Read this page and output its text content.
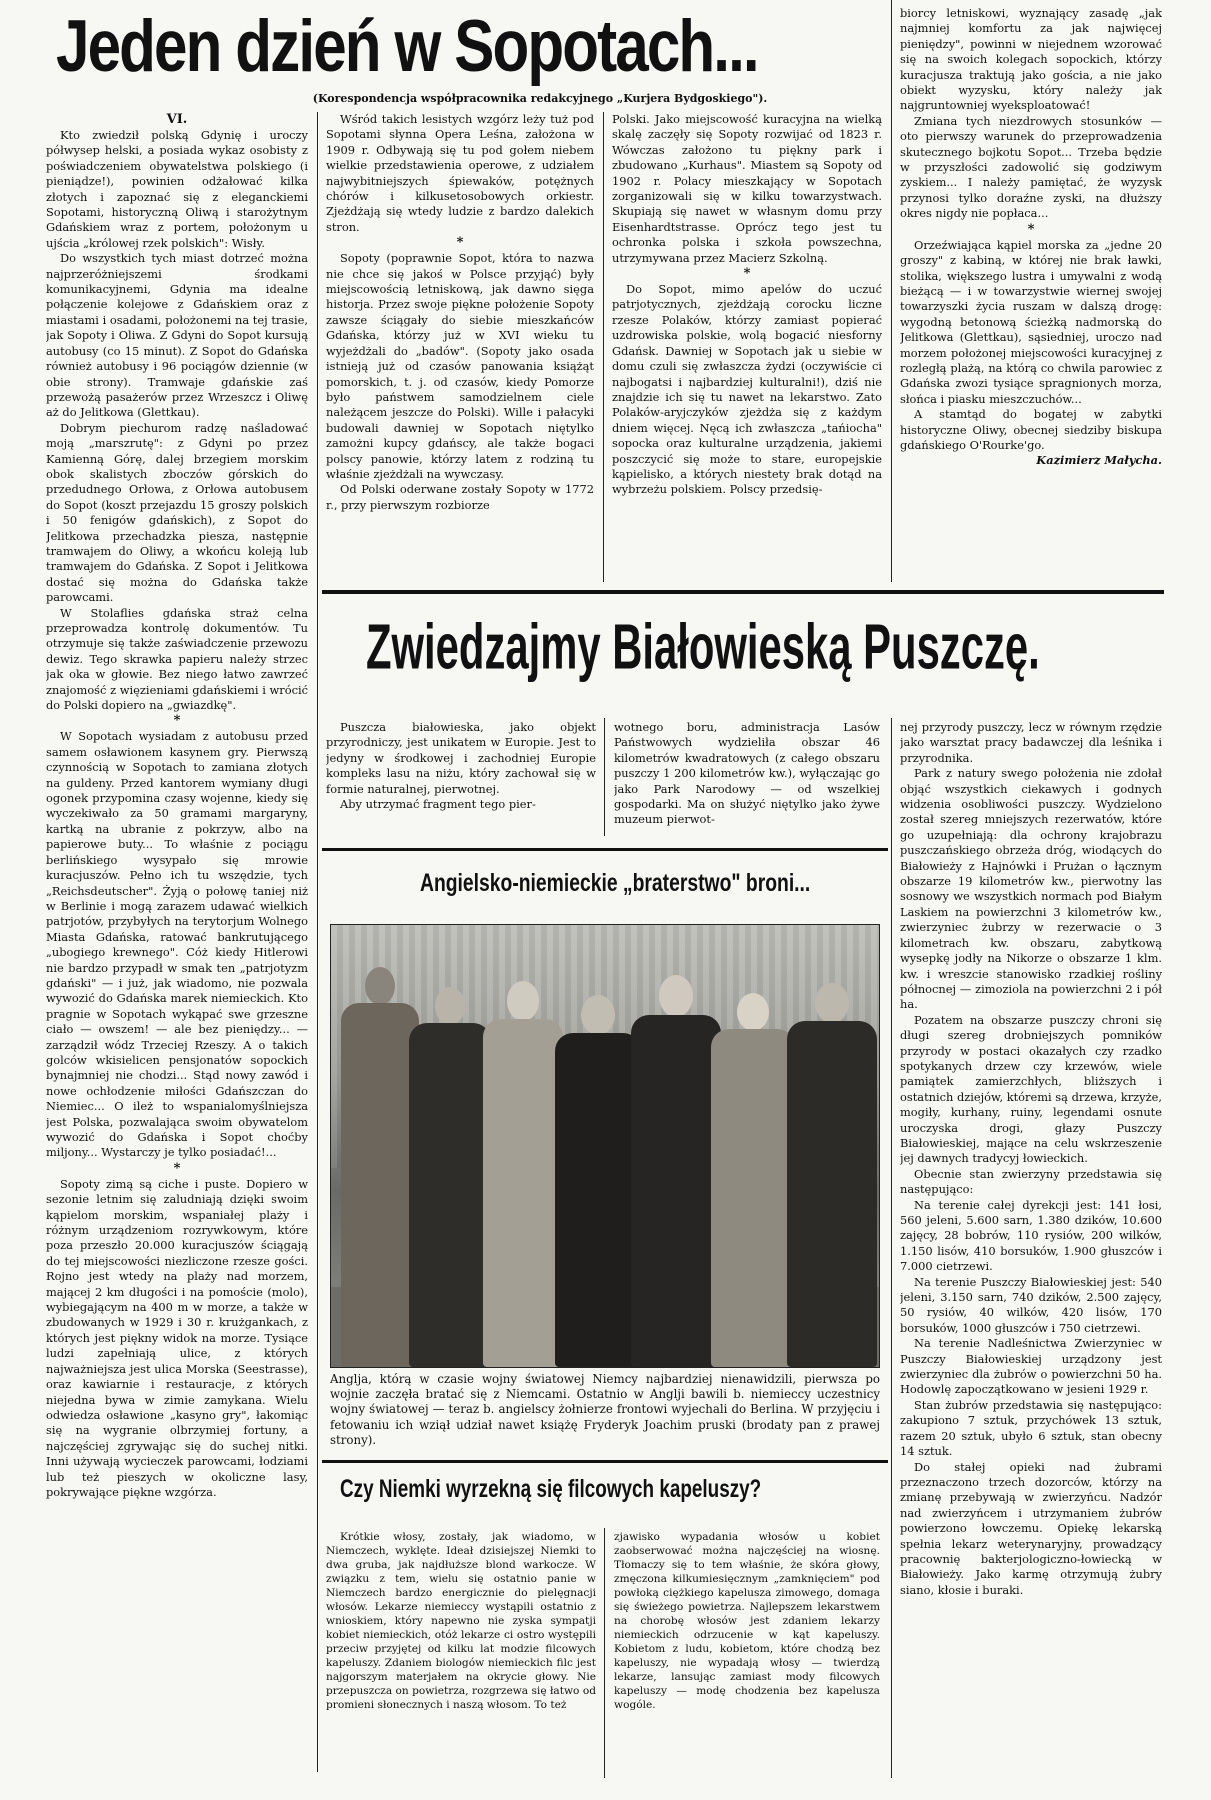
Jeden dzień w Sopotach...
(Korespondencja współpracownika redakcyjnego „Kurjera Bydgoskiego").
VI.

Kto zwiedził polską Gdynię i uroczy półwysep helski, a posiada wykaz osobisty z poświadczeniem obywatelstwa polskiego (i pieniądze!), powinien odżałować kilka złotych i zapoznać się z eleganckiemi Sopotami, historyczną Oliwą i starożytnym Gdańskiem wraz z portem, położonym u ujścia „królowej rzek polskich": Wisły.

Do wszystkich tych miast dotrzeć można najprzeróżniejszemi środkami komunikacyjnemi, Gdynia ma idealne połączenie kolejowe z Gdańskiem oraz z miastami i osadami, położonemi na tej trasie, jak Sopoty i Oliwa. Z Gdyni do Sopot kursują autobusy (co 15 minut). Z Sopot do Gdańska również autobusy i 96 pociągów dziennie (w obie strony). Tramwaje gdańskie zaś przewożą pasażerów przez Wrzeszcz i Oliwę aż do Jelitkowa (Glettkau).

Dobrym piechurom radzę naśladować moją „marszrutę": z Gdyni po przez Kamienną Górę, dalej brzegiem morskim obok skalistych zboczów górskich do przedudnego Orłowa, z Orłowa autobusem do Sopot (koszt przejazdu 15 groszy polskich i 50 fenigów gdańskich), z Sopot do Jelitkowa przechadzka piesza, następnie tramwajem do Oliwy, a wkońcu koleją lub tramwajem do Gdańska. Z Sopot i Jelitkowa dostać się można do Gdańska także parowcami.

W Stolaflies gdańska straż celna przeprowadza kontrolę dokumentów. Tu otrzymuje się także zaświadczenie przewozu dewiz. Tego skrawka papieru należy strzec jak oka w głowie. Bez niego łatwo zawrzeć znajomość z więzieniami gdańskiemi i wrócić do Polski dopiero na „gwiazdkę".

*

W Sopotach wysiadam z autobusu przed samem osławionem kasynem gry. Pierwszą czynnością w Sopotach to zamiana złotych na guldeny. Przed kantorem wymiany długi ogonek przypomina czasy wojenne, kiedy się wyczekiwało za 50 gramami margaryny, kartką na ubranie z pokrzyw, albo na papierowe buty... To właśnie z pociągu berlińskiego wysypało się mrowie kuracjuszów. Pełno ich tu wszędzie, tych „Reichsdeutscher". Żyją o połowę taniej niż w Berlinie i mogą zarazem udawać wielkich patrjotów, przybyłych na terytorjum Wolnego Miasta Gdańska, ratować bankrutującego „ubogiego krewnego". Cóż kiedy Hitlerowi nie bardzo przypadł w smak ten „patrjotyzm gdański" — i już, jak wiadomo, nie pozwala wywozić do Gdańska marek niemieckich. Kto pragnie w Sopotach wykąpać swe grzeszne ciało — owszem! — ale bez pieniędzy... — zarządził wódz Trzeciej Rzeszy. A o takich golców wkisielicen pensjonatów sopockich bynajmniej nie chodzi... Stąd nowy zawód i nowe ochłodzenie miłości Gdańszczan do Niemiec... O ileż to wspanialomyślniejsza jest Polska, pozwalająca swoim obywatelom wywozić do Gdańska i Sopot choćby miljony... Wystarczy je tylko posiadać!...

*

Sopoty zimą są ciche i puste. Dopiero w sezonie letnim się zaludniają dzięki swoim kąpielom morskim, wspaniałej plaży i różnym urządzeniom rozrywkowym, które poza przeszło 20.000 kuracjuszów ściągają do tej miejscowości niezliczone rzesze gości. Rojno jest wtedy na plaży nad morzem, mającej 2 km długości i na pomoście (molo), wybiegającym na 400 m w morze, a także w zbudowanych w 1929 i 30 r. krużgankach, z których jest piękny widok na morze. Tysiące ludzi zapełniają ulice, z których najważniejsza jest ulica Morska (Seestrasse), oraz kawiarnie i restauracje, z których niejedna bywa w zimie zamykana. Wielu odwiedza osławione „kasyno gry", łakomiąc się na wygranie olbrzymiej fortuny, a najczęściej zgrywając się do suchej nitki. Inni używają wycieczek parowcami, łodziami lub też pieszych w okoliczne lasy, pokrywające piękne wzgórza.

Wśród takich lesistych wzgórz leży tuż pod Sopotami słynna Opera Leśna, założona w 1909 r. Odbywają się tu pod gołem niebem wielkie przedstawienia operowe, z udziałem najwybitniejszych śpiewaków, potężnych chórów i kilkusetosobowych orkiestr. Zjeżdżają się wtedy ludzie z bardzo dalekich stron.

*

Sopoty (poprawnie Sopot, która to nazwa nie chce się jakoś w Polsce przyjąć) były miejscowością letniskową, jak dawno sięga historja. Przez swoje piękne położenie Sopoty zawsze ściągały do siebie mieszkańców Gdańska, którzy już w XVI wieku tu wyjeżdżali do „badów". (Sopoty jako osada istnieją już od czasów panowania książąt pomorskich, t. j. od czasów, kiedy Pomorze było państwem samodzielnem ciele należącem jeszcze do Polski). Wille i pałacyki budowali dawniej w Sopotach niętylko zamożni kupcy gdańscy, ale także bogaci polscy panowie, którzy latem z rodziną tu właśnie zjeżdżali na wywczasy.

Od Polski oderwane zostały Sopoty w 1772 r., przy pierwszym rozbiorze

Polski. Jako miejscowość kuracyjna na wielką skalę zaczęły się Sopoty rozwijać od 1823 r. Wówczas założono tu piękny park i zbudowano „Kurhaus". Miastem są Sopoty od 1902 r. Polacy mieszkający w Sopotach zorganizowali się w kilku towarzystwach. Skupiają się nawet w własnym domu przy Eisenhardtstrasse. Oprócz tego jest tu ochronka polska i szkoła powszechna, utrzymywana przez Macierz Szkolną.

*

Do Sopot, mimo apelów do uczuć patrjotycznych, zjeżdżają corocku liczne rzesze Polaków, którzy zamiast popierać uzdrowiska polskie, wolą bogacić niesforny Gdańsk. Dawniej w Sopotach jak u siebie w domu czuli się zwłaszcza żydzi (oczywiście ci najbogatsi i najbardziej kulturalni!), dziś nie znajdzie ich się tu nawet na lekarstwo. Zato Polaków-aryjczyków zjeżdża się z każdym dniem więcej. Nęcą ich zwłaszcza „tańiocha" sopocka oraz kulturalne urządzenia, jakiemi poszczycić się może to stare, europejskie kąpielisko, a których niestety brak dotąd na wybrzeżu polskiem. Polscy przedsię-

biorcy letniskowi, wyznający zasadę „jak najmniej komfortu za jak najwięcej pieniędzy", powinni w niejednem wzorować się na swoich kolegach sopockich, którzy kuracjusza traktują jako gościa, a nie jako obiekt wyzysku, który należy jak najgruntowniej wyeksploatować!

Zmiana tych niezdrowych stosunków — oto pierwszy warunek do przeprowadzenia skutecznego bojkotu Sopot... Trzeba będzie w przyszłości zadowolić się godziwym zyskiem... I należy pamiętać, że wyzysk przynosi tylko doraźne zyski, na dłuższy okres nigdy nie popłaca...

*

Orzeźwiająca kąpiel morska za „jedne 20 groszy" z kabiną, w której nie brak ławki, stolika, większego lustra i umywalni z wodą bieżącą — i w towarzystwie wiernej swojej towarzyszki życia ruszam w dalszą drogę: wygodną betonową ścieżką nadmorską do Jelitkowa (Glettkau), sąsiedniej, uroczo nad morzem położonej miejscowości kuracyjnej z rozległą plażą, na którą co chwila parowiec z Gdańska zwozi tysiące spragnionych morza, słońca i piasku mieszczuchów...

A stamtąd do bogatej w zabytki historyczne Oliwy, obecnej siedziby biskupa gdańskiego O'Rourke'go.

Kazimierz Małycha.
Zwiedzajmy Białowieską Puszczę.

Puszcza białowieska, jako objekt przyrodniczy, jest unikatem w Europie. Jest to jedyny w środkowej i zachodniej Europie kompleks lasu na niżu, który zachował się w formie naturalnej, pierwotnej.

Aby utrzymać fragment tego pier-

wotnego boru, administracja Lasów Państwowych wydzieliła obszar 46 kilometrów kwadratowych (z całego obszaru puszczy 1 200 kilometrów kw.), wyłączając go jako Park Narodowy — od wszelkiej gospodarki. Ma on służyć niętylko jako żywe muzeum pierwot-

nej przyrody puszczy, lecz w równym rzędzie jako warsztat pracy badawczej dla leśnika i przyrodnika.

Park z natury swego położenia nie zdołał objąć wszystkich ciekawych i godnych widzenia osobliwości puszczy. Wydzielono został szereg mniejszych rezerwatów, które go uzupełniają: dla ochrony krajobrazu puszczańskiego obrzeża dróg, wiodących do Białowieży z Hajnówki i Prużan o łącznym obszarze 19 kilometrów kw., pierwotny las sosnowy we wszystkich normach pod Białym Laskiem na powierzchni 3 kilometrów kw., zwierzyniec żubrzy w rezerwacie o 3 kilometrach kw. obszaru, zabytkową wysepkę jodły na Nikorze o obszarze 1 klm. kw. i wreszcie stanowisko rzadkiej rośliny północnej — zimoziola na powierzchni 2 i pół ha.

Pozatem na obszarze puszczy chroni się długi szereg drobniejszych pomników przyrody w postaci okazałych czy rzadko spotykanych drzew czy krzewów, wiele pamiątek zamierzchłych, bliższych i ostatnich dziejów, któremi są drzewa, krzyże, mogiły, kurhany, ruiny, legendami osnute uroczyska drogi, głazy Puszczy Białowieskiej, mające na celu wskrzeszenie jej dawnych tradycyj łowieckich.

Obecnie stan zwierzyny przedstawia się następująco:

Na terenie całej dyrekcji jest: 141 łosi, 560 jeleni, 5.600 sarn, 1.380 dzików, 10.600 zajęcy, 28 bobrów, 110 rysiów, 200 wilków, 1.150 lisów, 410 borsuków, 1.900 głuszców i 7.000 cietrzewi.

Na terenie Puszczy Białowieskiej jest: 540 jeleni, 3.150 sarn, 740 dzików, 2.500 zajęcy, 50 rysiów, 40 wilków, 420 lisów, 170 borsuków, 1000 głuszców i 750 cietrzewi.

Na terenie Nadleśnictwa Zwierzyniec w Puszczy Białowieskiej urządzony jest zwierzyniec dla żubrów o powierzchni 50 ha. Hodowlę zapoczątkowano w jesieni 1929 r.

Stan żubrów przedstawia się następująco: zakupiono 7 sztuk, przychówek 13 sztuk, razem 20 sztuk, ubyło 6 sztuk, stan obecny 14 sztuk.

Do stałej opieki nad żubrami przeznaczono trzech dozorców, którzy na zmianę przebywają w zwierzyńcu. Nadzór nad zwierzyńcem i utrzymaniem żubrów powierzono łowczemu. Opiekę lekarską spełnia lekarz weterynaryjny, prowadzący pracownię bakterjologiczno-łowiecką w Białowieży. Jako karmę otrzymują żubry siano, kłosie i buraki.

Angielsko-niemieckie „braterstwo" broni...
Anglja, którą w czasie wojny światowej Niemcy najbardziej nienawidzili, pierwsza po wojnie zaczęła bratać się z Niemcami. Ostatnio w Anglji bawili b. niemieccy uczestnicy wojny światowej — teraz b. angielscy żołnierze frontowi wyjechali do Berlina. W przyjęciu i fetowaniu ich wziął udział nawet książę Fryderyk Joachim pruski (brodaty pan z prawej strony).
Czy Niemki wyrzekną się filcowych kapeluszy?

Krótkie włosy, zostały, jak wiadomo, w Niemczech, wyklęte. Ideał dzisiejszej Niemki to dwa gruba, jak najdłuższe blond warkocze. W związku z tem, wielu się ostatnio panie w Niemczech bardzo energicznie do pielęgnacji włosów. Lekarze niemieccy wystąpili ostatnio z wnioskiem, który napewno nie zyska sympatji kobiet niemieckich, otóż lekarze ci ostro występili przeciw przyjętej od kilku lat modzie filcowych kapeluszy. Zdaniem biologów niemieckich filc jest najgorszym materjałem na okrycie głowy. Nie przepuszcza on powietrza, rozgrzewa się łatwo od promieni słonecznych i naszą włosom. To też

zjawisko wypadania włosów u kobiet zaobserwować można najczęściej na wiosnę. Tłomaczy się to tem właśnie, że skóra głowy, zmęczona kilkumiesięcznym „zamknięciem" pod powłoką ciężkiego kapelusza zimowego, domaga się świeżego powietrza. Najlepszem lekarstwem na chorobę włosów jest zdaniem lekarzy niemieckich odrzucenie w kąt kapeluszy. Kobietom z ludu, kobietom, które chodzą bez kapeluszy, nie wypadają włosy — twierdzą lekarze, lansując zamiast mody filcowych kapeluszy — modę chodzenia bez kapelusza wogóle.
